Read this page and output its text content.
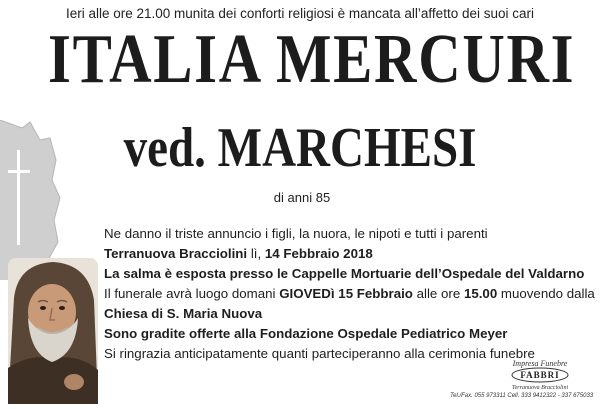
Ieri alle ore 21.00 munita dei conforti religiosi è mancata all’affetto dei suoi cari
ITALIA MERCURI
ved. MARCHESI
di anni 85
Ne danno il triste annuncio i figli, la nuora, le nipoti e tutti i parenti
Terranuova Bracciolini lì, 14 Febbraio 2018
La salma è esposta presso le Cappelle Mortuarie dell’Ospedale del Valdarno
Il funerale avrà luogo domani GIOVEDì 15 Febbraio alle ore 15.00 muovendo dalla
Chiesa di S. Maria Nuova
Sono gradite offerte alla Fondazione Ospedale Pediatrico Meyer
Si ringrazia anticipatamente quanti parteciperanno alla cerimonia funebre
Impresa Funebre
FABBRI
Terranuova Bracciolini
Tel./Fax. 055 973311 Cell. 333 9412322 - 337 675033
